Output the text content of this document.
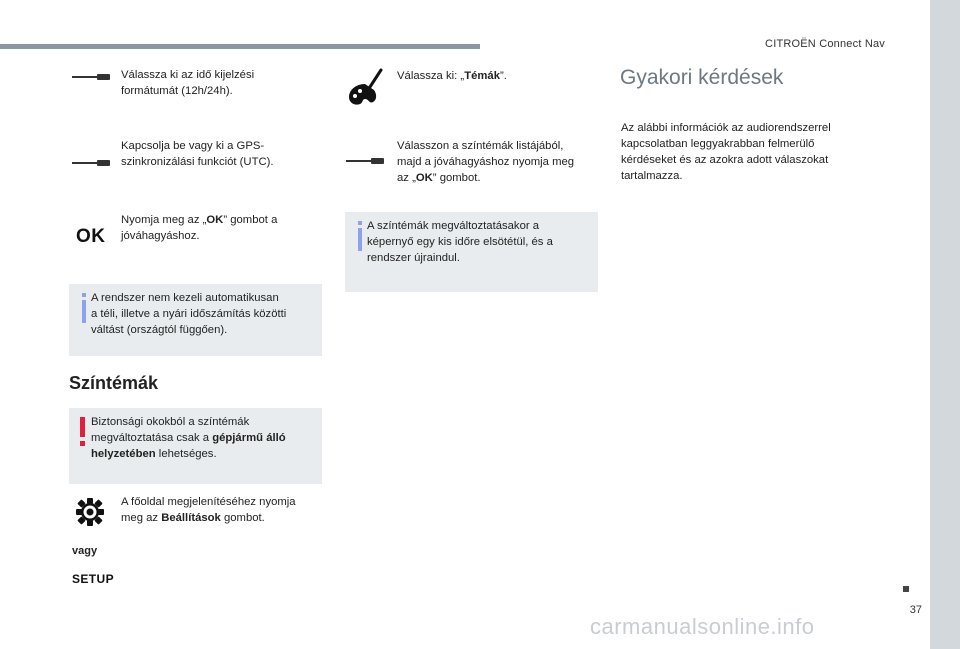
CITROËN Connect Nav
37
carmanualsonline.info
Válassza ki az idő kijelzési
formátumát (12h/24h).
Kapcsolja be vagy ki a GPS-
szinkronizálási funkciót (UTC).
OK
Nyomja meg az „OK” gombot a
jóváhagyáshoz.
A rendszer nem kezeli automatikusan
a téli, illetve a nyári időszámítás közötti
váltást (országtól függően).
Színtémák
Biztonsági okokból a színtémák
megváltoztatása csak a gépjármű álló
helyzetében lehetséges.
A főoldal megjelenítéséhez nyomja
meg az Beállítások gombot.
vagy
SETUP
Válassza ki: „Témák”.
Válasszon a színtémák listájából,
majd a jóváhagyáshoz nyomja meg
az „OK” gombot.
A színtémák megváltoztatásakor a
képernyő egy kis időre elsötétül, és a
rendszer újraindul.
Gyakori kérdések
Az alábbi információk az audiorendszerrel
kapcsolatban leggyakrabban felmerülő
kérdéseket és az azokra adott válaszokat
tartalmazza.
